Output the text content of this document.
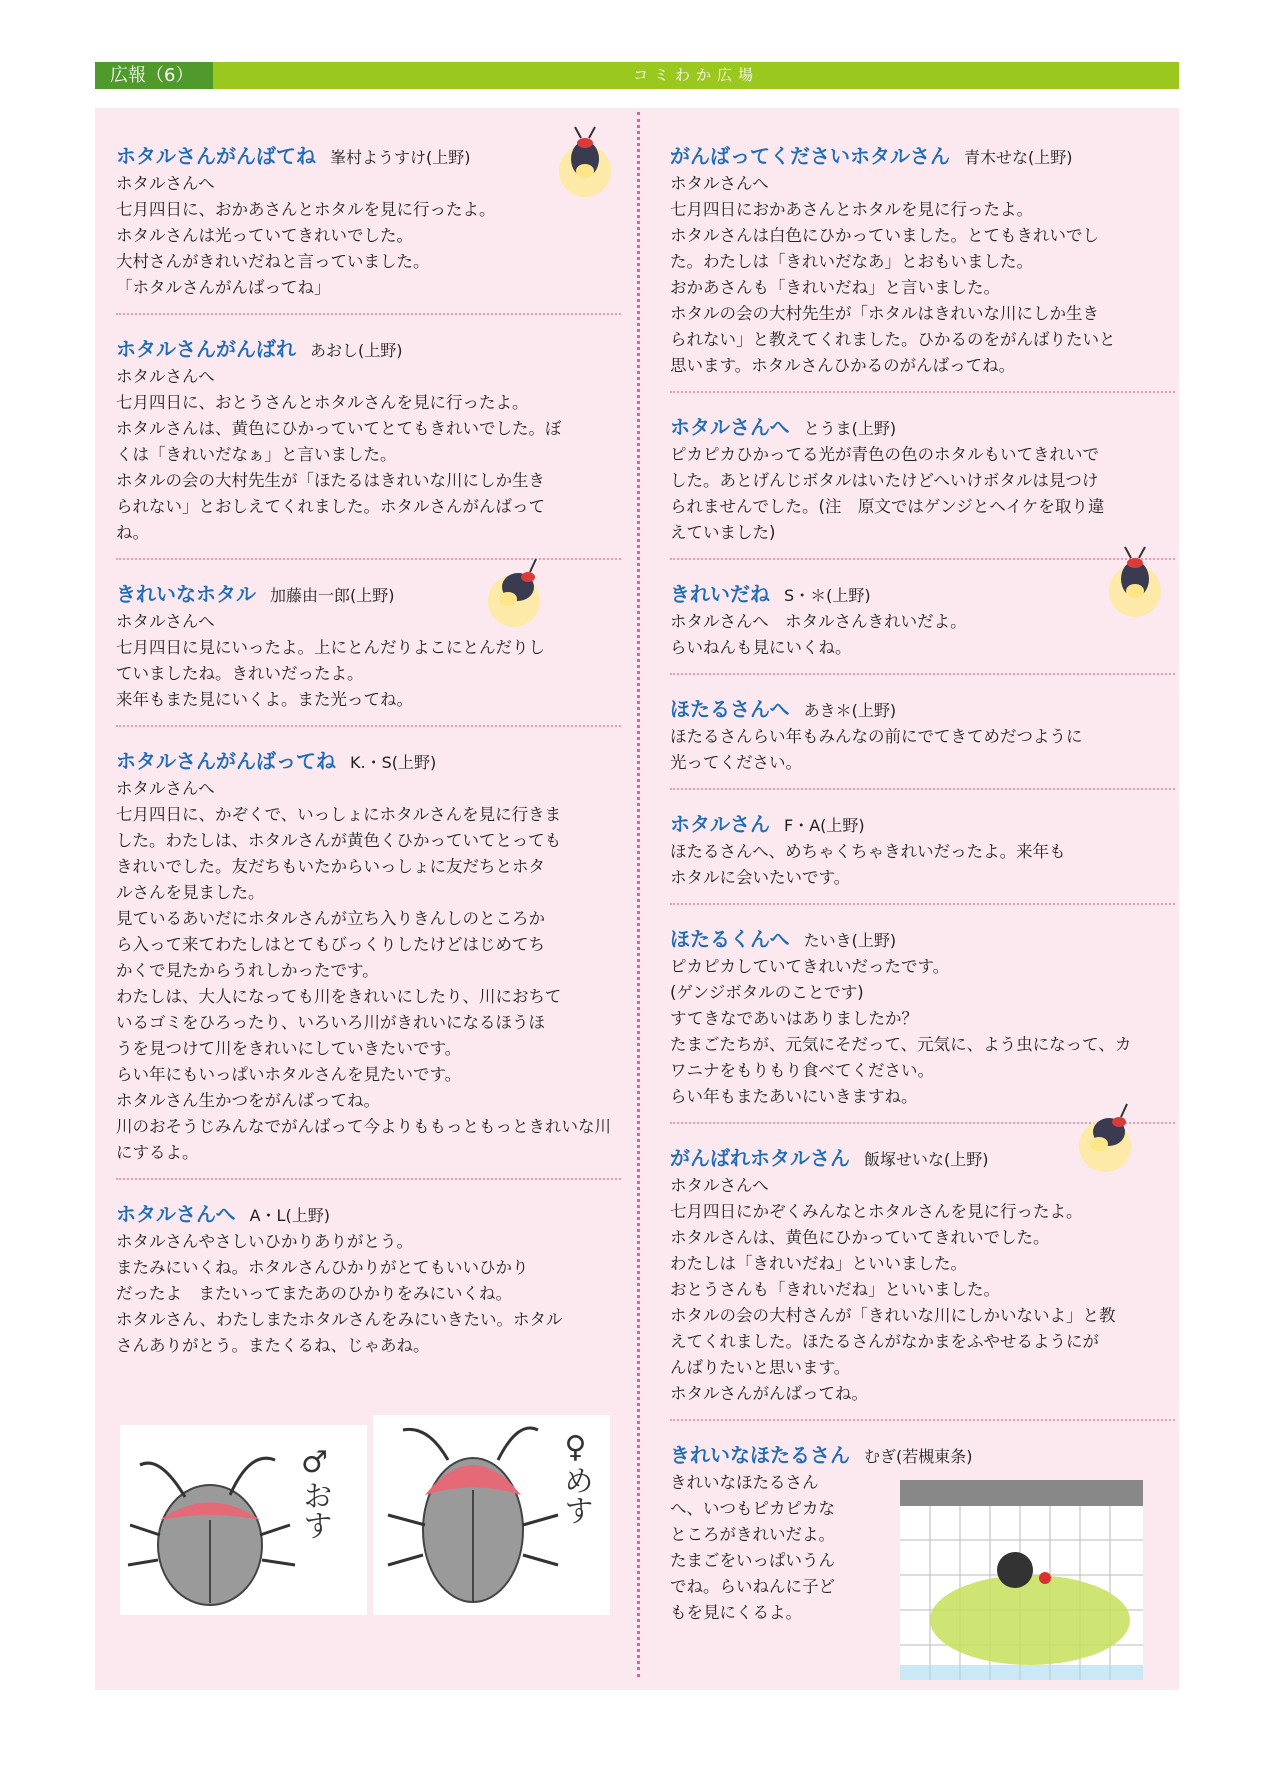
広報（6）	コミわか広場
ホタルさんがんばてね 峯村ようすけ(上野)

ホタルさんへ

七月四日に、おかあさんとホタルを見に行ったよ。

ホタルさんは光っていてきれいでした。

大村さんがきれいだねと言っていました。

「ホタルさんがんばってね」

ホタルさんがんばれ あおし(上野)

ホタルさんへ

七月四日に、おとうさんとホタルさんを見に行ったよ。

ホタルさんは、黄色にひかっていてとてもきれいでした。ぼ

くは「きれいだなぁ」と言いました。

ホタルの会の大村先生が「ほたるはきれいな川にしか生き

られない」とおしえてくれました。ホタルさんがんばって

ね。

きれいなホタル 加藤由一郎(上野)

ホタルさんへ

七月四日に見にいったよ。上にとんだりよこにとんだりし

ていましたね。きれいだったよ。

来年もまた見にいくよ。また光ってね。

ホタルさんがんばってね K.・S(上野)

ホタルさんへ

七月四日に、かぞくで、いっしょにホタルさんを見に行きま

した。わたしは、ホタルさんが黄色くひかっていてとっても

きれいでした。友だちもいたからいっしょに友だちとホタ

ルさんを見ました。

見ているあいだにホタルさんが立ち入りきんしのところか

ら入って来てわたしはとてもびっくりしたけどはじめてち

かくで見たからうれしかったです。

わたしは、大人になっても川をきれいにしたり、川におちて

いるゴミをひろったり、いろいろ川がきれいになるほうほ

うを見つけて川をきれいにしていきたいです。

らい年にもいっぱいホタルさんを見たいです。

ホタルさん生かつをがんばってね。

川のおそうじみんなでがんばって今よりももっともっときれいな川にするよ。

ホタルさんへ A・L(上野)

ホタルさんやさしいひかりありがとう。

またみにいくね。ホタルさんひかりがとてもいいひかり

だったよ　またいってまたあのひかりをみにいくね。

ホタルさん、わたしまたホタルさんをみにいきたい。ホタル

さんありがとう。またくるね、じゃあね。

がんばってくださいホタルさん 青木せな(上野)

ホタルさんへ

七月四日におかあさんとホタルを見に行ったよ。

ホタルさんは白色にひかっていました。とてもきれいでし

た。わたしは「きれいだなあ」とおもいました。

おかあさんも「きれいだね」と言いました。

ホタルの会の大村先生が「ホタルはきれいな川にしか生き

られない」と教えてくれました。ひかるのをがんばりたいと

思います。ホタルさんひかるのがんばってね。

ホタルさんへ とうま(上野)

ピカピカひかってる光が青色の色のホタルもいてきれいで

した。あとげんじボタルはいたけどへいけボタルは見つけ

られませんでした。(注　原文ではゲンジとヘイケを取り違

えていました)

きれいだね S・＊(上野)

ホタルさんへ　ホタルさんきれいだよ。

らいねんも見にいくね。

ほたるさんへ あき＊(上野)

ほたるさんらい年もみんなの前にでてきてめだつように

光ってください。

ホタルさん F・A(上野)

ほたるさんへ、めちゃくちゃきれいだったよ。来年も

ホタルに会いたいです。

ほたるくんへ たいき(上野)

ピカピカしていてきれいだったです。

(ゲンジボタルのことです)

すてきなであいはありましたか？

たまごたちが、元気にそだって、元気に、よう虫になって、カ

ワニナをもりもり食べてください。

らい年もまたあいにいきますね。

がんばれホタルさん 飯塚せいな(上野)

ホタルさんへ

七月四日にかぞくみんなとホタルさんを見に行ったよ。

ホタルさんは、黄色にひかっていてきれいでした。

わたしは「きれいだね」といいました。

おとうさんも「きれいだね」といいました。

ホタルの会の大村さんが「きれいな川にしかいないよ」と教

えてくれました。ほたるさんがなかまをふやせるようにが

んばりたいと思います。

ホタルさんがんばってね。

きれいなほたるさん むぎ(若槻東条)

きれいなほたるさん

へ、いつもピカピカな

ところがきれいだよ。

たまごをいっぱいうん

でね。らいねんに子ど

もを見にくるよ。

♂おす	♀めす
